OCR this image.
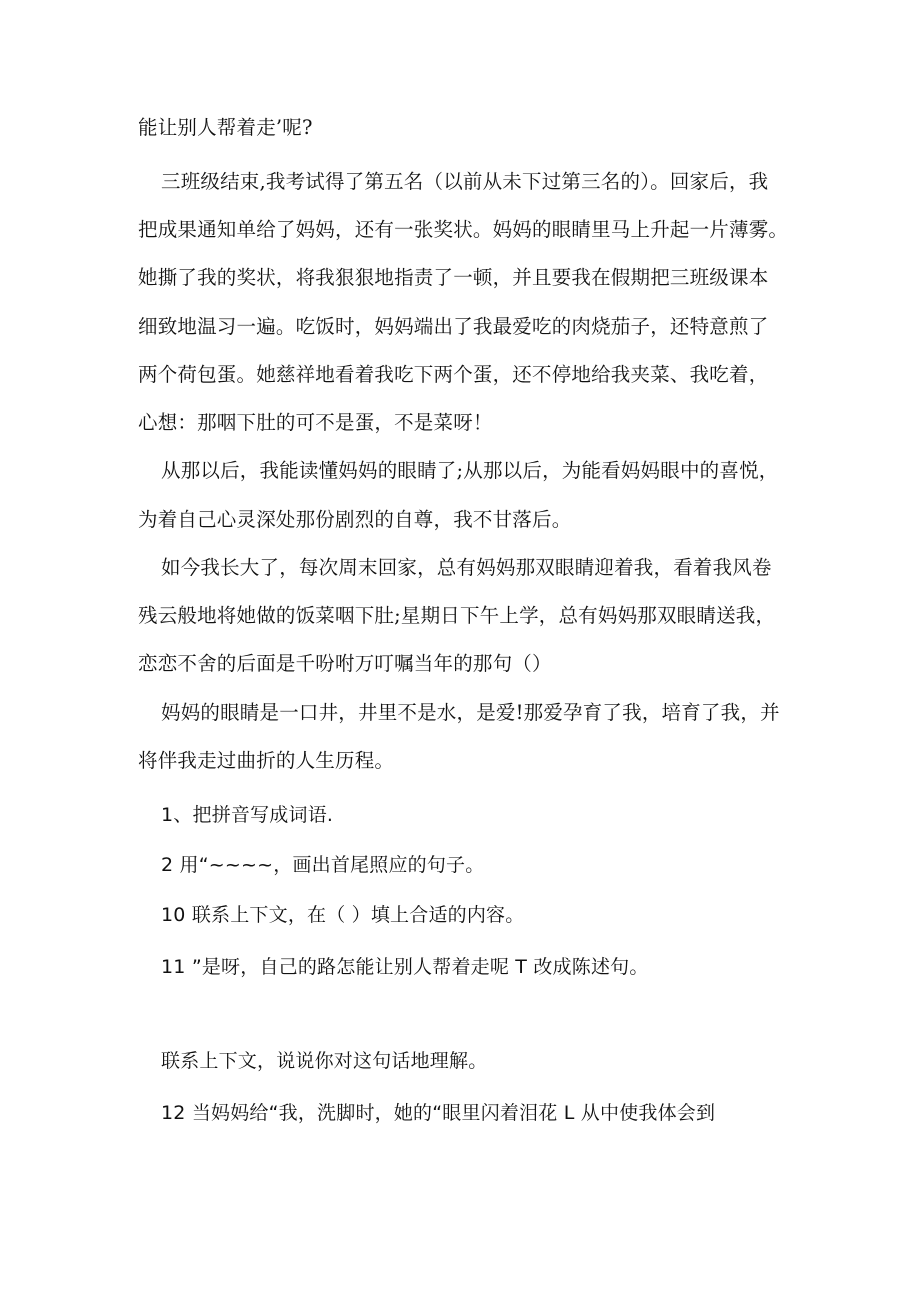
能让别人帮着走’呢?
三班级结束,我考试得了第五名（以前从未下过第三名的）。回家后，我
把成果通知单给了妈妈，还有一张奖状。妈妈的眼睛里马上升起一片薄雾。
她撕了我的奖状，将我狠狠地指责了一顿，并且要我在假期把三班级课本
细致地温习一遍。吃饭时，妈妈端出了我最爱吃的肉烧茄子，还特意煎了
两个荷包蛋。她慈祥地看着我吃下两个蛋，还不停地给我夹菜、我吃着，
心想：那咽下肚的可不是蛋，不是菜呀！
从那以后，我能读懂妈妈的眼睛了;从那以后，为能看妈妈眼中的喜悦，
为着自己心灵深处那份剧烈的自尊，我不甘落后。
如今我长大了，每次周末回家，总有妈妈那双眼睛迎着我，看着我风卷
残云般地将她做的饭菜咽下肚;星期日下午上学，总有妈妈那双眼睛送我，
恋恋不舍的后面是千吩咐万叮嘱当年的那句（）
妈妈的眼睛是一口井，井里不是水，是爱!那爱孕育了我，培育了我，并
将伴我走过曲折的人生历程。
1、把拼音写成词语.
2 用“~~~~，画出首尾照应的句子。
10 联系上下文，在（ ）填上合适的内容。
11 ”是呀，自己的路怎能让别人帮着走呢 T 改成陈述句。
联系上下文，说说你对这句话地理解。
12 当妈妈给“我，洗脚时，她的“眼里闪着泪花 L 从中使我体会到
